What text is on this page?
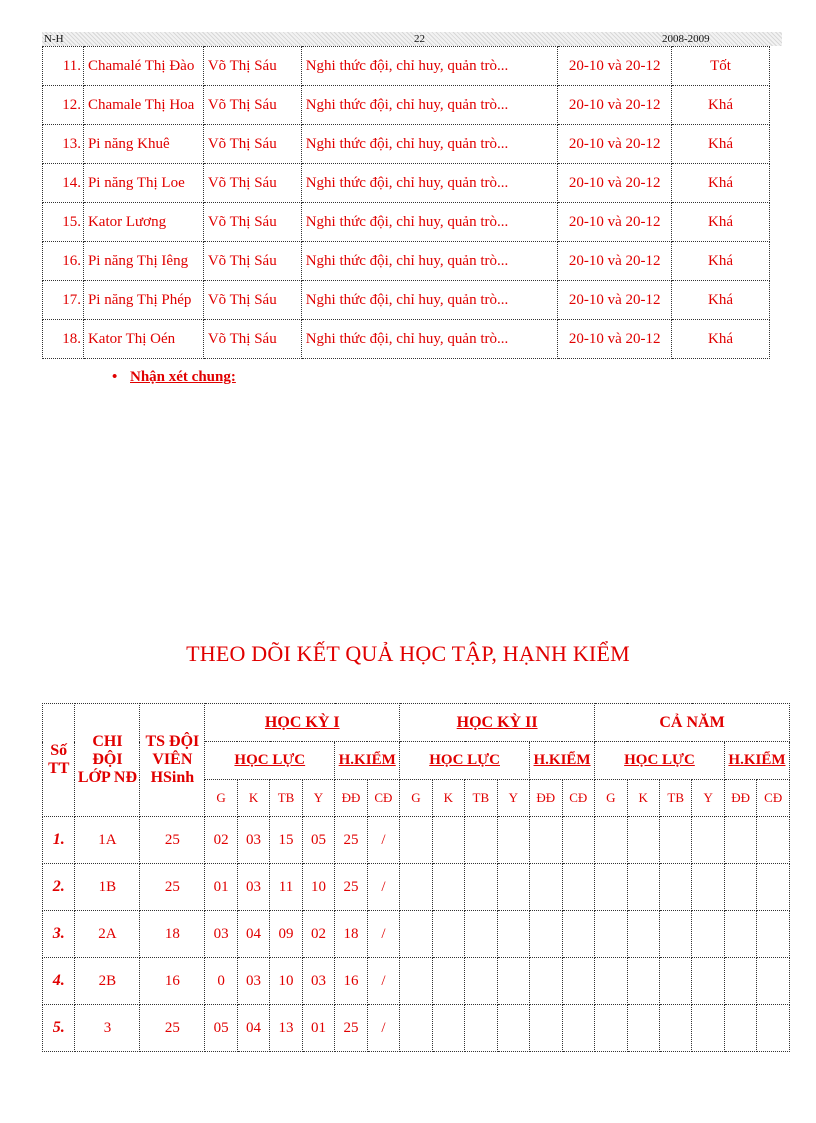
N-H	22	2008-2009
11.	Chamalé Thị Đào	Võ Thị Sáu	Nghi thức đội, chỉ huy, quản trò...	20-10 và 20-12	Tốt
12.	Chamale Thị Hoa	Võ Thị Sáu	Nghi thức đội, chỉ huy, quản trò...	20-10 và 20-12	Khá
13.	Pi năng Khuê	Võ Thị Sáu	Nghi thức đội, chỉ huy, quản trò...	20-10 và 20-12	Khá
14.	Pi năng Thị Loe	Võ Thị Sáu	Nghi thức đội, chỉ huy, quản trò...	20-10 và 20-12	Khá
15.	Kator Lương	Võ Thị Sáu	Nghi thức đội, chỉ huy, quản trò...	20-10 và 20-12	Khá
16.	Pi năng Thị Iêng	Võ Thị Sáu	Nghi thức đội, chỉ huy, quản trò...	20-10 và 20-12	Khá
17.	Pi năng Thị Phép	Võ Thị Sáu	Nghi thức đội, chỉ huy, quản trò...	20-10 và 20-12	Khá
18.	Kator Thị Oén	Võ Thị Sáu	Nghi thức đội, chỉ huy, quản trò...	20-10 và 20-12	Khá
• Nhận xét chung:
THEO DÕI KẾT QUẢ HỌC TẬP, HẠNH KIỂM
Số TT	CHI ĐỘI LỚP NĐ	TS ĐỘI VIÊN HSinh	HỌC KỲ I						HỌC KỲ II						CẢ NĂM					
			HỌC LỰC				H.KIỂM		HỌC LỰC				H.KIỂM		HỌC LỰC				H.KIỂM	
			G	K	TB	Y	ĐĐ	CĐ	G	K	TB	Y	ĐĐ	CĐ	G	K	TB	Y	ĐĐ	CĐ
1.	1A	25	02	03	15	05	25	/												
2.	1B	25	01	03	11	10	25	/												
3.	2A	18	03	04	09	02	18	/												
4.	2B	16	0	03	10	03	16	/												
5.	3	25	05	04	13	01	25	/												
